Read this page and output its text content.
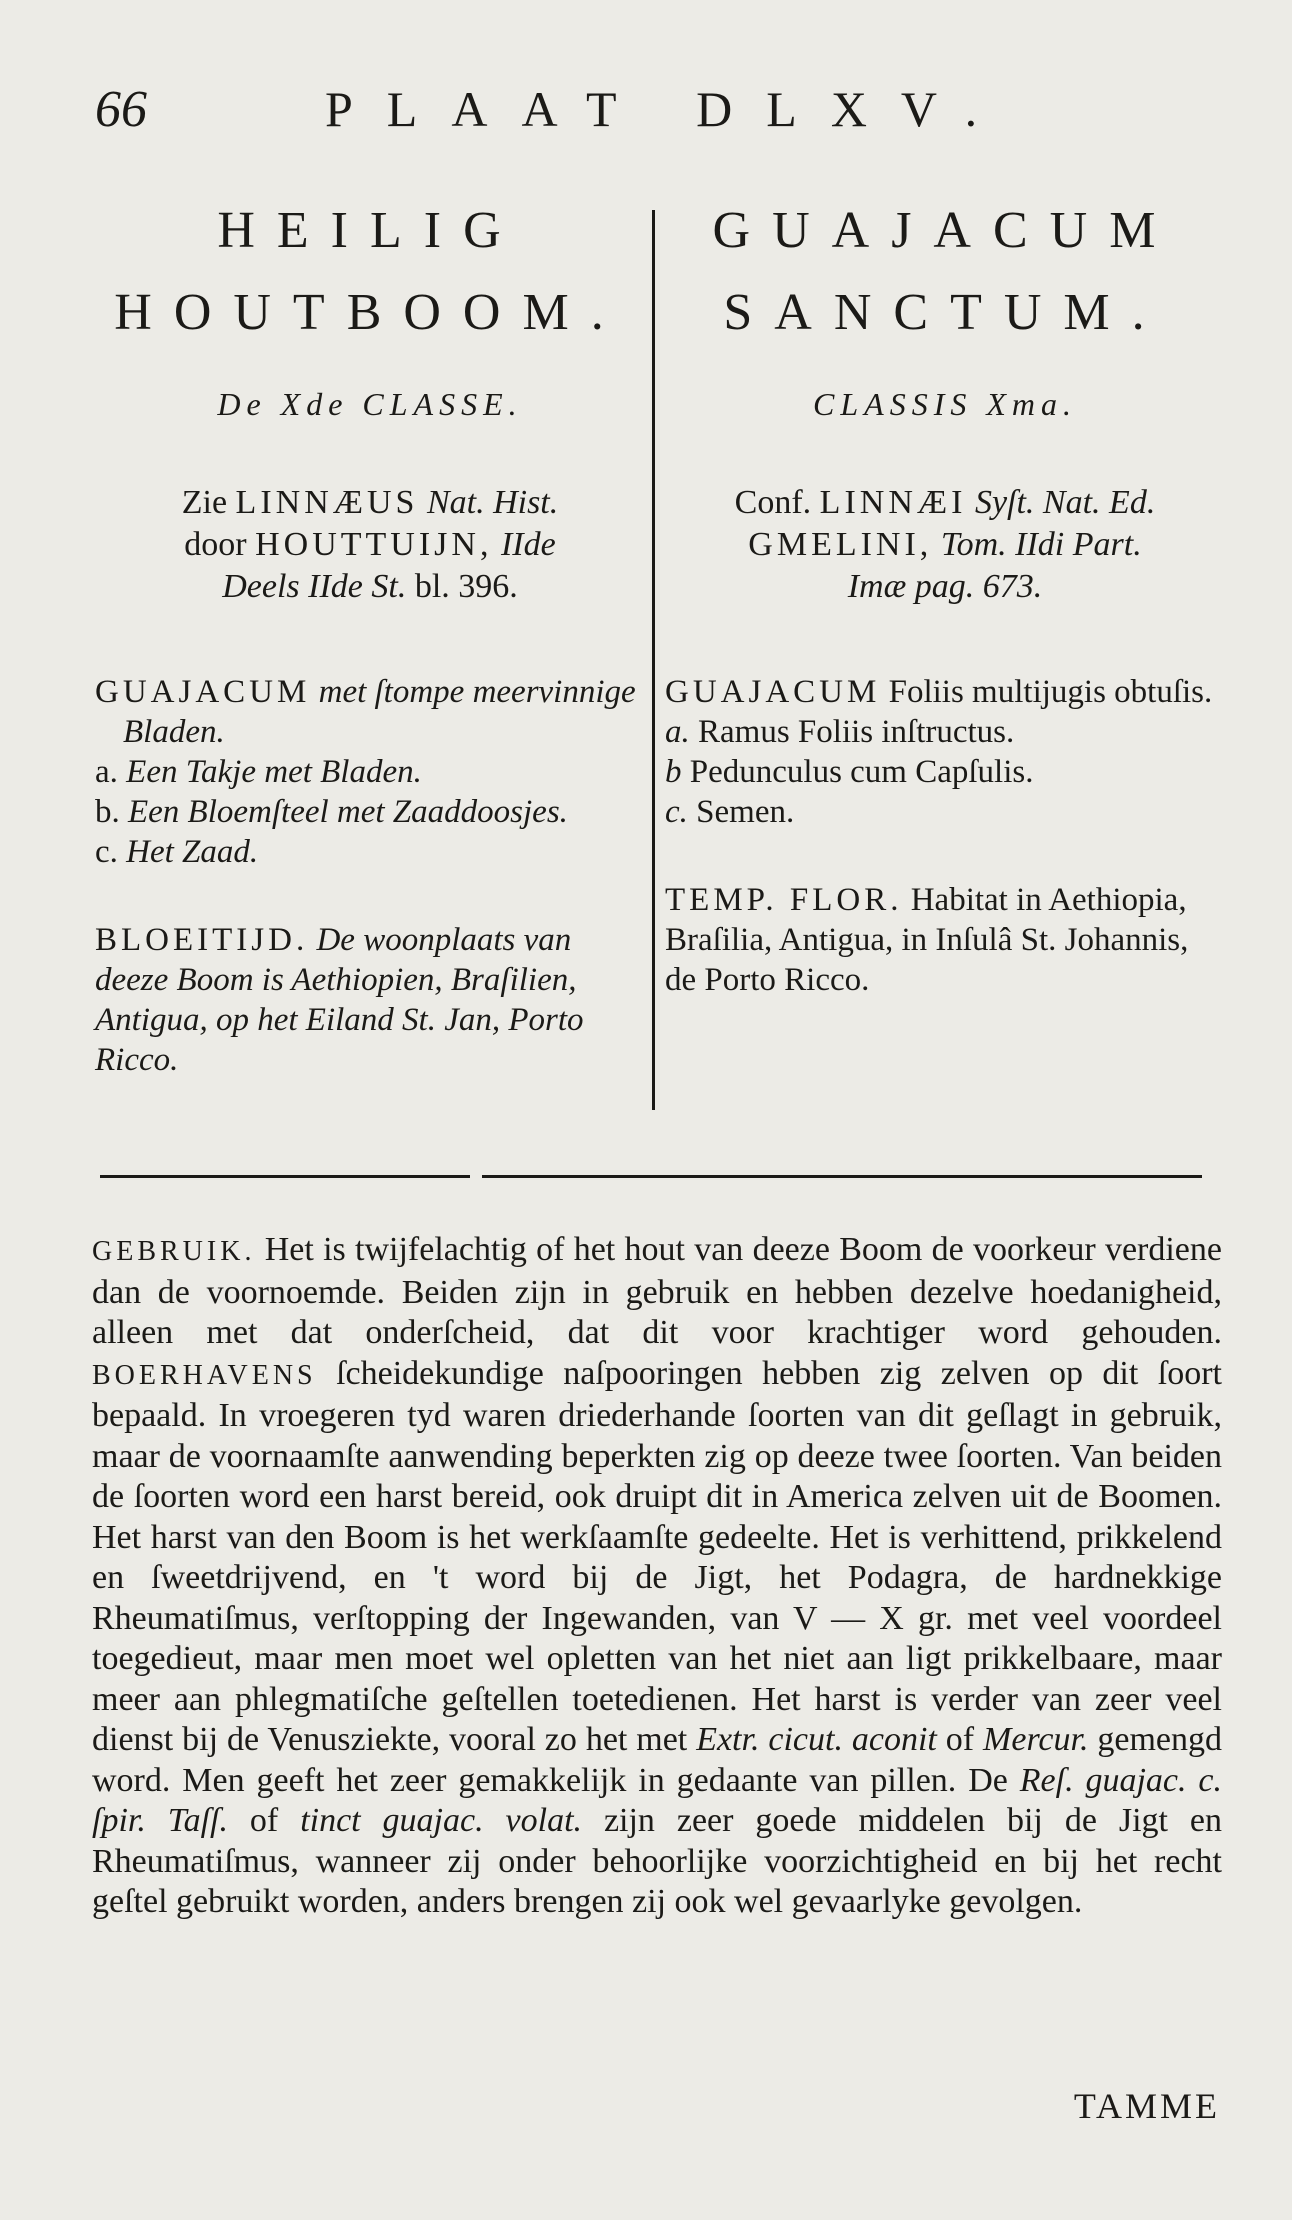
66	PLAAT DLXV.
HEILIG
HOUTBOOM.
De Xde CLASSE.
Zie LINNÆUS Nat. Hist.
door HOUTTUIJN, IIde
Deels IIde St. bl. 396.
GUAJACUM met ſtompe meervinnige Bladen.
a. Een Takje met Bladen.
b. Een Bloemſteel met Zaaddoosjes.
c. Het Zaad.
BLOEITIJD. De woonplaats van deeze Boom is Aethiopien, Braſilien, Antigua, op het Eiland St. Jan, Porto Ricco.
GUAJACUM
SANCTUM.
CLASSIS Xma.
Conf. LINNÆI Syſt. Nat. Ed.
GMELINI, Tom. IIdi Part.
Imæ pag. 673.
GUAJACUM Foliis multijugis obtuſis.
a. Ramus Foliis inſtructus.
b Pedunculus cum Capſulis.
c. Semen.
TEMP. FLOR. Habitat in Aethiopia, Braſilia, Antigua, in Inſulâ St. Johannis, de Porto Ricco.
GEBRUIK. Het is twijfelachtig of het hout van deeze Boom de voorkeur verdiene dan de voornoemde. Beiden zijn in gebruik en hebben dezelve hoedanigheid, alleen met dat onderſcheid, dat dit voor krachtiger word gehouden. BOERHAVENS ſcheidekundige naſpooringen hebben zig zelven op dit ſoort bepaald. In vroegeren tyd waren driederhande ſoorten van dit geſlagt in gebruik, maar de voornaamſte aanwending beperkten zig op deeze twee ſoorten. Van beiden de ſoorten word een harst bereid, ook druipt dit in America zelven uit de Boomen. Het harst van den Boom is het werkſaamſte gedeelte. Het is verhittend, prikkelend en ſweetdrijvend, en 't word bij de Jigt, het Podagra, de hardnekkige Rheumatiſmus, verſtopping der Ingewanden, van V — X gr. met veel voordeel toegedieut, maar men moet wel opletten van het niet aan ligt prikkelbaare, maar meer aan phlegmatiſche geſtellen toetedienen. Het harst is verder van zeer veel dienst bij de Venusziekte, vooral zo het met Extr. cicut. aconit of Mercur. gemengd word. Men geeft het zeer gemakkelijk in gedaante van pillen. De Reſ. guajac. c. ſpir. Taſſ. of tinct guajac. volat. zijn zeer goede middelen bij de Jigt en Rheumatiſmus, wanneer zij onder behoorlijke voorzichtigheid en bij het recht geſtel gebruikt worden, anders brengen zij ook wel gevaarlyke gevolgen.
TAMME
